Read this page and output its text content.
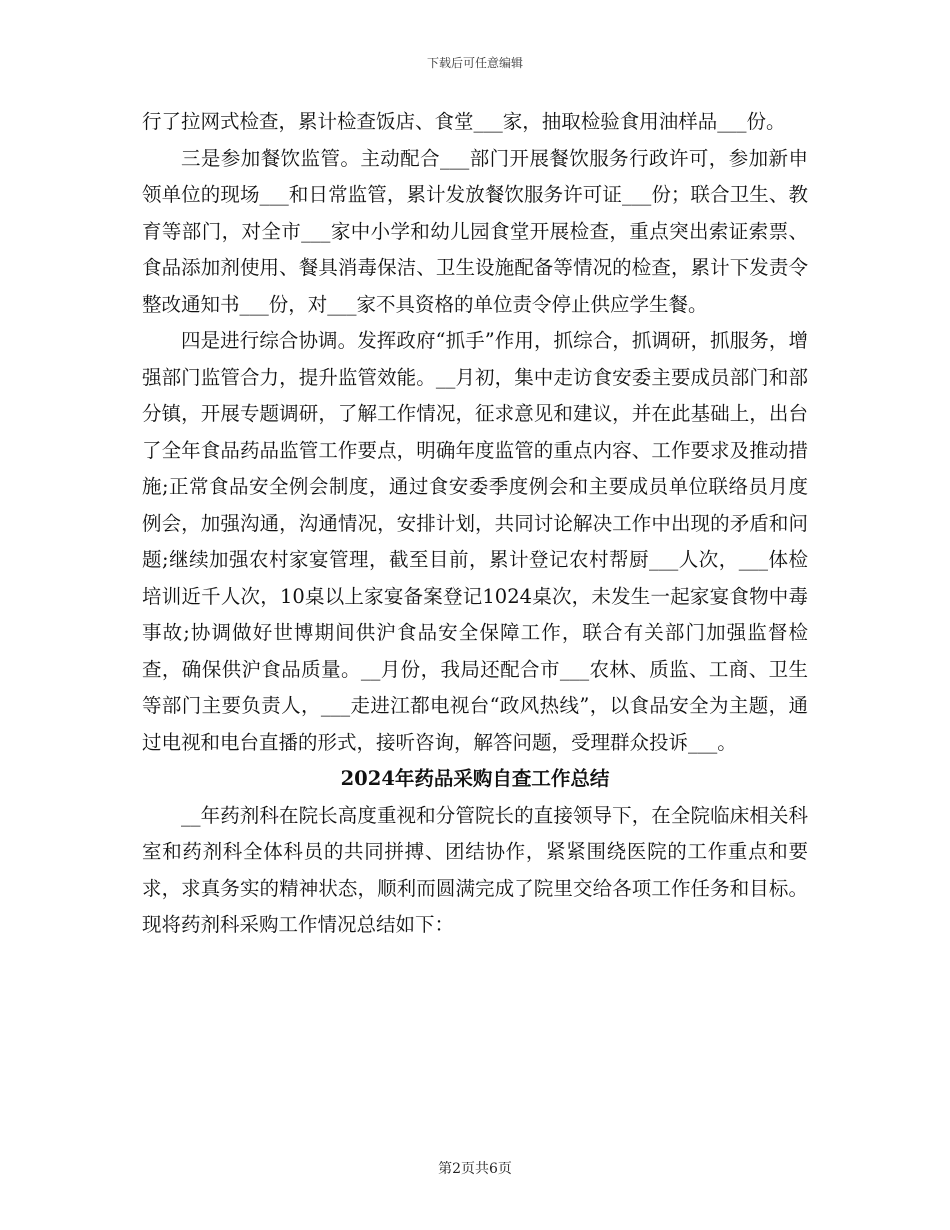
下载后可任意编辑

行了拉网式检查，累计检查饭店、食堂___家，抽取检验食用油样品___份。

三是参加餐饮监管。主动配合___部门开展餐饮服务行政许可，参加新申领单位的现场___和日常监管，累计发放餐饮服务许可证___份；联合卫生、教育等部门，对全市___家中小学和幼儿园食堂开展检查，重点突出索证索票、食品添加剂使用、餐具消毒保洁、卫生设施配备等情况的检查，累计下发责令整改通知书___份，对___家不具资格的单位责令停止供应学生餐。

四是进行综合协调。发挥政府“抓手”作用，抓综合，抓调研，抓服务，增强部门监管合力，提升监管效能。__月初，集中走访食安委主要成员部门和部分镇，开展专题调研，了解工作情况，征求意见和建议，并在此基础上，出台了全年食品药品监管工作要点，明确年度监管的重点内容、工作要求及推动措施;正常食品安全例会制度，通过食安委季度例会和主要成员单位联络员月度例会，加强沟通，沟通情况，安排计划，共同讨论解决工作中出现的矛盾和问题;继续加强农村家宴管理，截至目前，累计登记农村帮厨___人次，___体检培训近千人次，10桌以上家宴备案登记1024桌次，未发生一起家宴食物中毒事故;协调做好世博期间供沪食品安全保障工作，联合有关部门加强监督检查，确保供沪食品质量。__月份，我局还配合市___农林、质监、工商、卫生等部门主要负责人，___走进江都电视台“政风热线”，以食品安全为主题，通过电视和电台直播的形式，接听咨询，解答问题，受理群众投诉___。

2024年药品采购自查工作总结

__年药剂科在院长高度重视和分管院长的直接领导下，在全院临床相关科室和药剂科全体科员的共同拼搏、团结协作，紧紧围绕医院的工作重点和要求，求真务实的精神状态，顺利而圆满完成了院里交给各项工作任务和目标。现将药剂科采购工作情况总结如下：

第2页共6页
